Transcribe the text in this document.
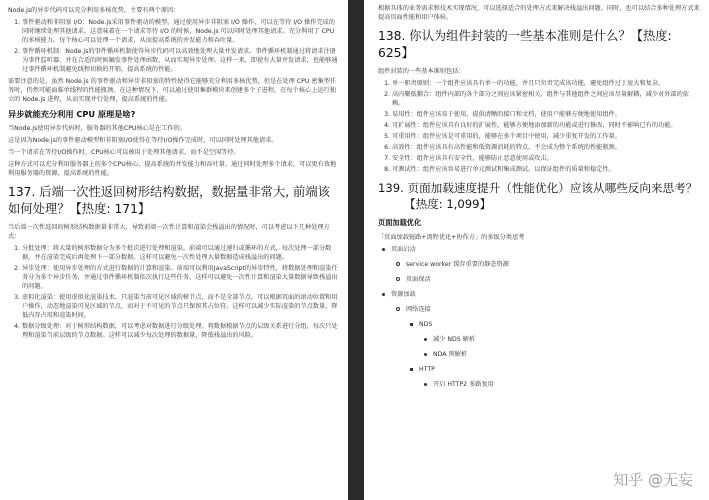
Node.js的异步代码可以充分利用多核优势，主要有两个原因：

1. 事件驱动和非阻塞 I/O：Node.js采用事件驱动的模型，通过使用异步非阻塞 I/O 操作，可以在等待 I/O 操作完成的同时继续处理其他请求。这意味着在一个请求等待 I/O 的时候，Node.js 可以同时处理其他请求。充分利用了 CPU 的多核能力。每个核心可以处理一个请求，从而提高系统的并发能力和吞吐量。
2. 事件循环机制：Node.js的事件循环机制使得异步代码可以高效地处理大量并发请求。事件循环机制通过将请求注册为事件监听器，并在合适的时候触发事件处理函数，从而实现异步处理。这样一来，即使有大量并发请求，也能够通过事件循环机制避免线程切换的开销，提高系统的性能。

需要注意的是，虽然 Node.js 的事件驱动和异步非阻塞的特性使得它能够充分利用多核优势，但是在处理 CPU 密集型任务时，仍然可能面临单线程的性能瓶颈。在这种情况下，可以通过使用集群模块来创建多个子进程，在每个核心上运行独立的 Node.js 进程，从而实现并行处理，提高系统的性能。

异步就能充分利用 CPU 原理是啥?

当Node.js使用异步代码时，服务器的其他CPU核心是在工作的。

这是因为Node.js的事件驱动模型和非阻塞I/O使得在等待I/O操作完成时，可以同时处理其他请求。

当一个请求在等待I/O操作时，CPU核心可以被用于处理其他请求，而不是空闲等待。

这种方式可以充分利用服务器上的多个CPU核心，提高系统的并发能力和吞吐量。通过同时处理多个请求，可以更有效地利用服务器的资源，提高系统的性能。

137. 后端一次性返回树形结构数据，数据量非常大, 前端该如何处理？【热度: 171】

当后端一次性返回的树形结构数据量非常大，导致前端一次性计算和渲染会栈溢出的情况时，可以考虑以下几种处理方式：

1. 分批处理：将大量的树形数据分为多个批次进行处理和渲染。前端可以通过递归或循环的方式，每次处理一部分数据，并在渲染完成后再处理下一部分数据。这样可以避免一次性处理大量数据造成栈溢出的问题。
2. 异步处理：使用异步处理的方式进行数据的计算和渲染。前端可以利用JavaScript的异步特性，将数据处理和渲染任务分为多个异步任务，并通过事件循环机制依次执行这些任务。这样可以避免一次性计算和渲染大量数据导致栈溢出的问题。
3. 虚拟化渲染：使用虚拟化渲染技术，只渲染当前可见区域的树节点，而不是全部节点。可以根据页面的滚动位置和用户操作，动态地渲染可见区域的节点，而对于不可见的节点只保留其占位符。这样可以减少实际渲染的节点数量，降低内存占用和渲染时间。
4. 数据分级处理：对于树形结构数据，可以考虑对数据进行分级处理。将数据根据节点的层级关系进行分组，每次只处理和渲染当前层级的节点数据。这样可以减少每次处理的数据量，降低栈溢出的风险。

根据具体的业务需求和技术实现情况，可以选择适合的处理方式来解决栈溢出问题。同时，也可以结合多种处理方式来提高页面性能和用户体验。

138. 你认为组件封装的一些基本准则是什么？【热度: 625】

组件封装的一些基本准则包括：

1. 单一职责原则：一个组件应该具有单一的功能，并且只负责完成该功能，避免组件过于庞大和复杂。
2. 高内聚低耦合：组件内部的各个部分之间应该紧密相关，组件与其他组件之间应该尽量解耦，减少对外部的依赖。
3. 易用性：组件应该易于使用，提供清晰的接口和文档，使用户能够方便地使用组件。
4. 可扩展性：组件应该具有良好的扩展性，能够方便地添加新的功能或进行修改，同时不影响已有的功能。
5. 可重用性：组件应该是可重用的，能够在多个项目中使用，减少重复开发的工作量。
6. 高效性：组件应该具有高性能和低资源消耗的特点，不会成为整个系统的性能瓶颈。
7. 安全性：组件应该具有安全性，能够防止恶意使用或攻击。
8. 可测试性：组件应该容易进行单元测试和集成测试，以保证组件的质量和稳定性。
139. 页面加载速度提升（性能优化）应该从哪些反向来思考？
【热度: 1,099】
页面加载优化

「页面加载链路+流程优化+协作方」的多级分类思考

页面启动
service worker 缓存重要的静态资源
页面保活
资源加载
网络连接
NDS
减少 NDS 解析
NDA 预解析
HTTP
开启 HTTP2 多路复用
知乎 @无妄
